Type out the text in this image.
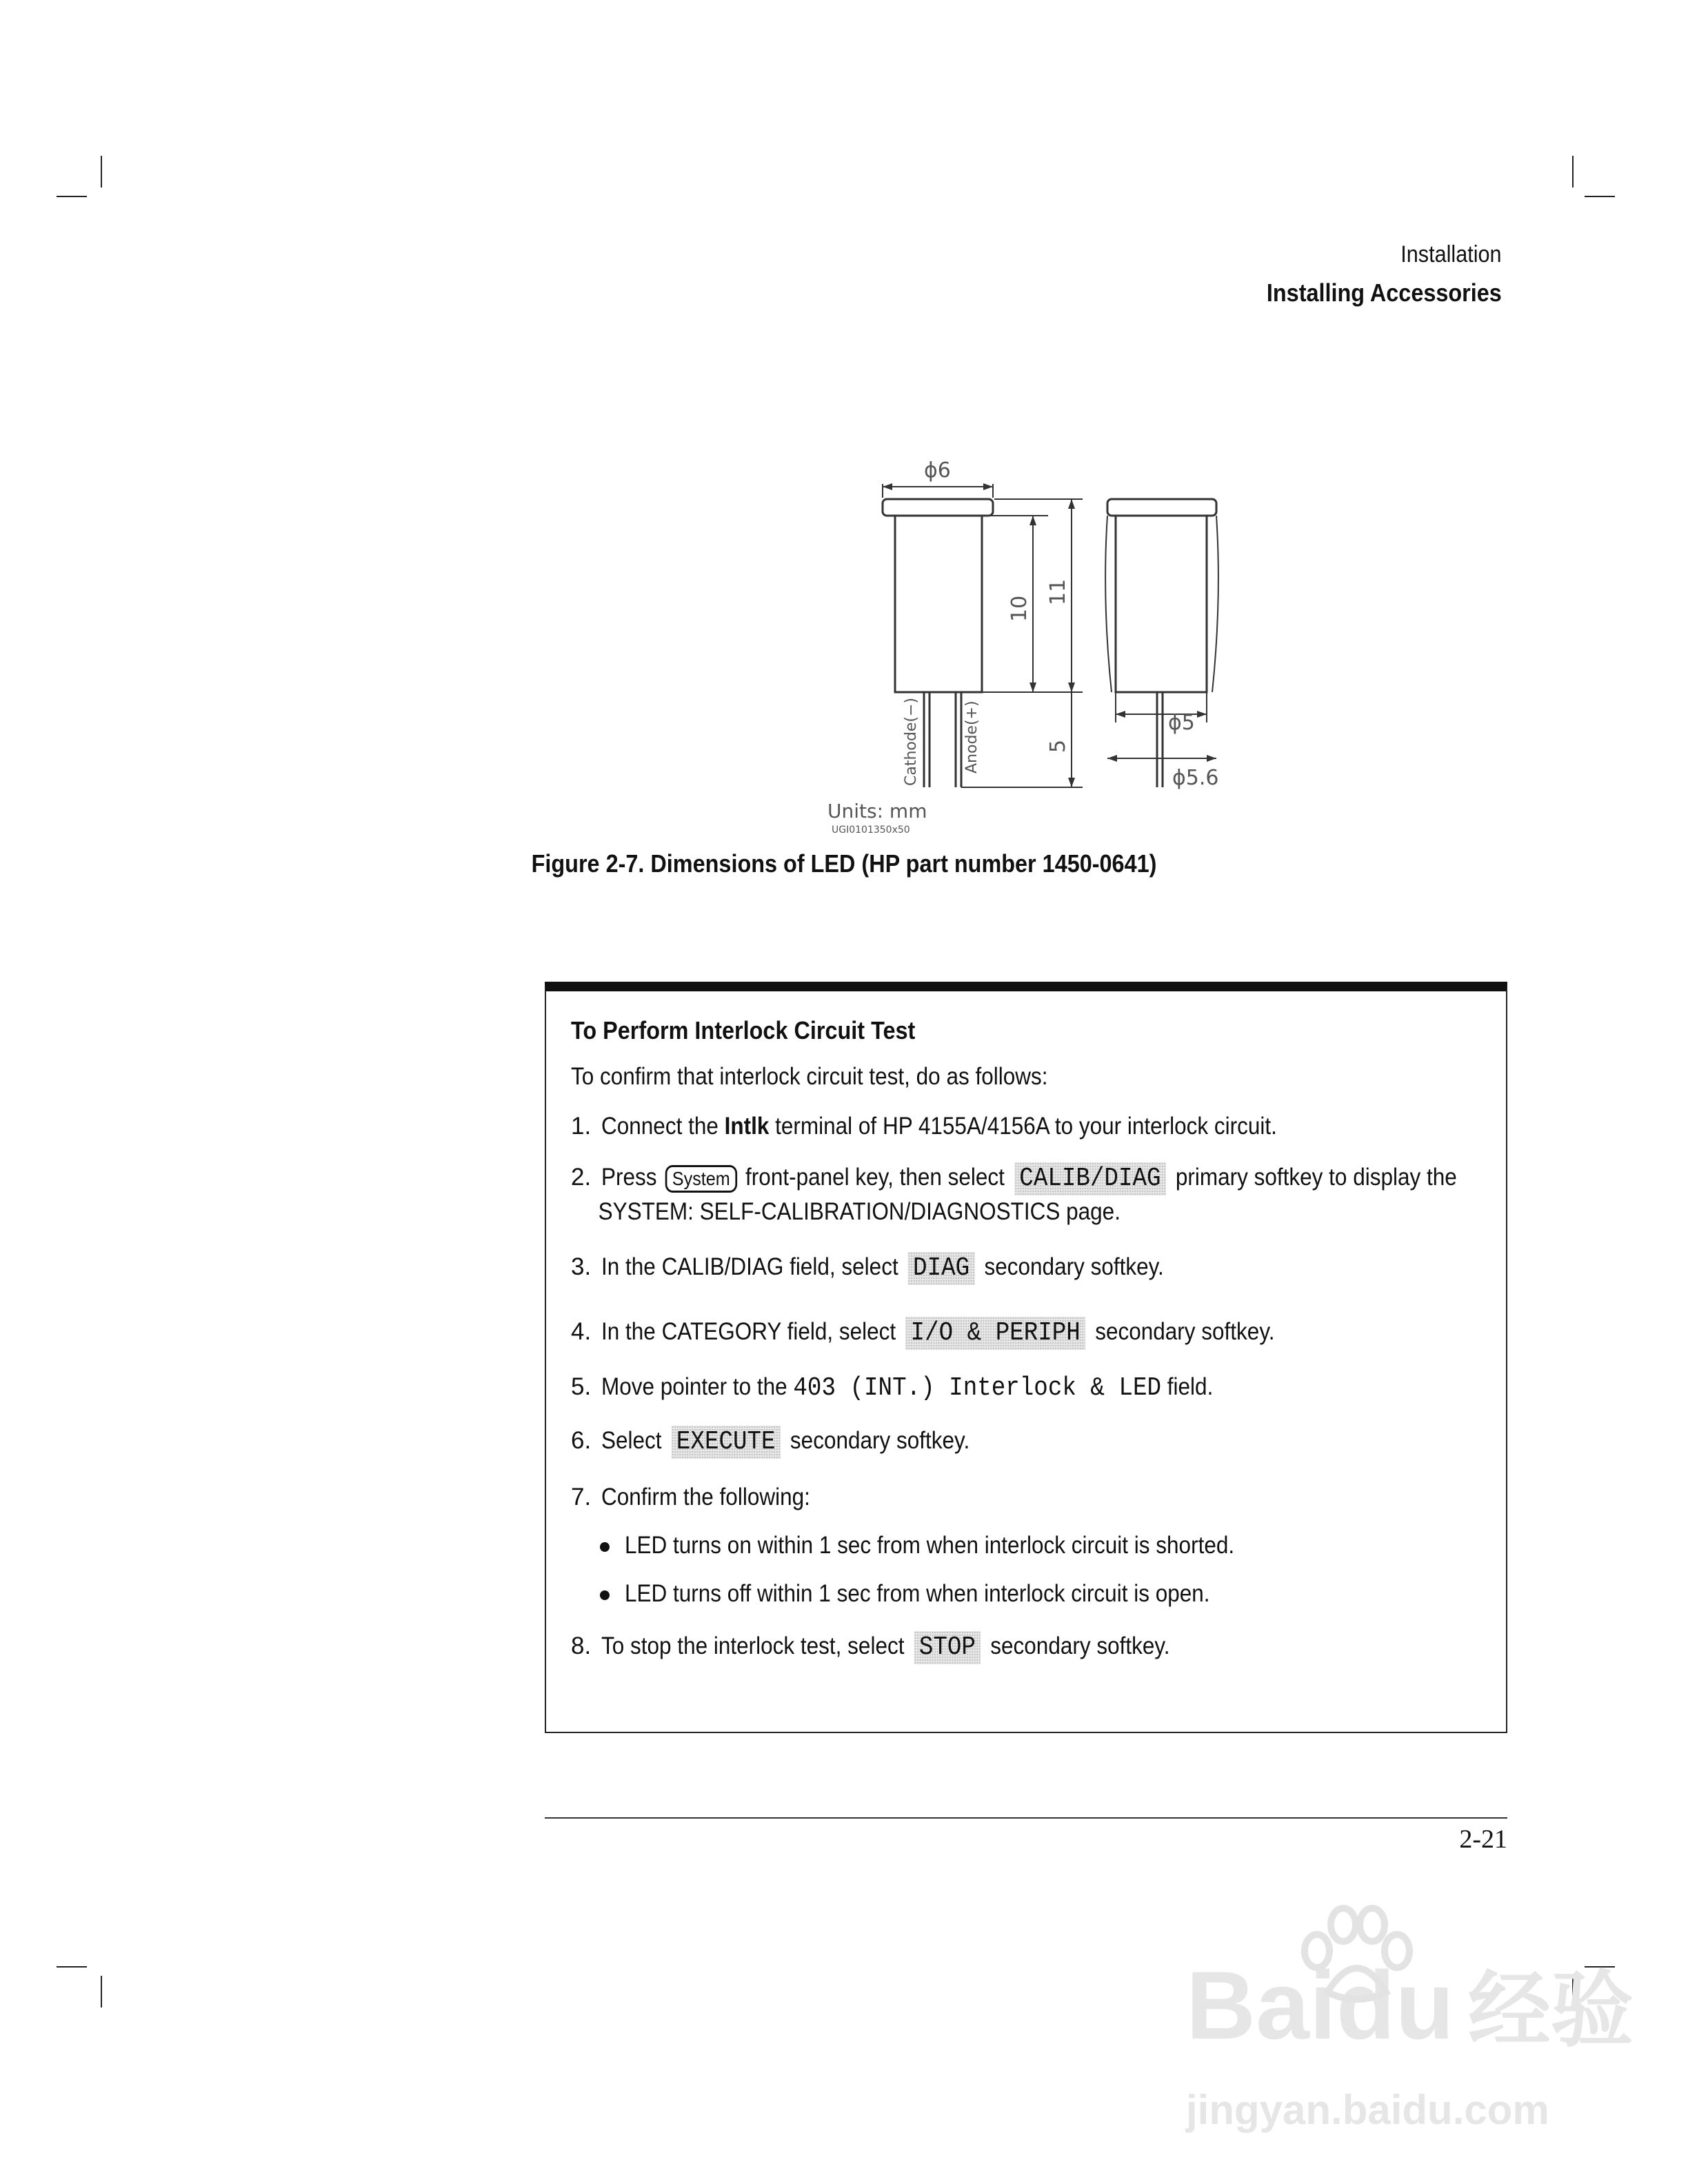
Installation
Installing Accessories
ϕ6
10
11
5
ϕ5
ϕ5.6
Cathode(−)	Anode(+)
Units: mm
UGI0101350x50
Figure 2-7. Dimensions of LED (HP part number 1450-0641)
To Perform Interlock Circuit Test
To confirm that interlock circuit test, do as follows:
1. Connect the Intlk terminal of HP 4155A/4156A to your interlock circuit.
2. Press System front-panel key, then select CALIB/DIAG primary softkey to display the
SYSTEM: SELF-CALIBRATION/DIAGNOSTICS page.
3. In the CALIB/DIAG field, select DIAG secondary softkey.
4. In the CATEGORY field, select I/O & PERIPH secondary softkey.
5. Move pointer to the 403 (INT.) Interlock & LED field.
6. Select EXECUTE secondary softkey.
7. Confirm the following:
LED turns on within 1 sec from when interlock circuit is shorted.
LED turns off within 1 sec from when interlock circuit is open.
8. To stop the interlock test, select STOP secondary softkey.
2-21
Baidu 经验
jingyan.baidu.com
